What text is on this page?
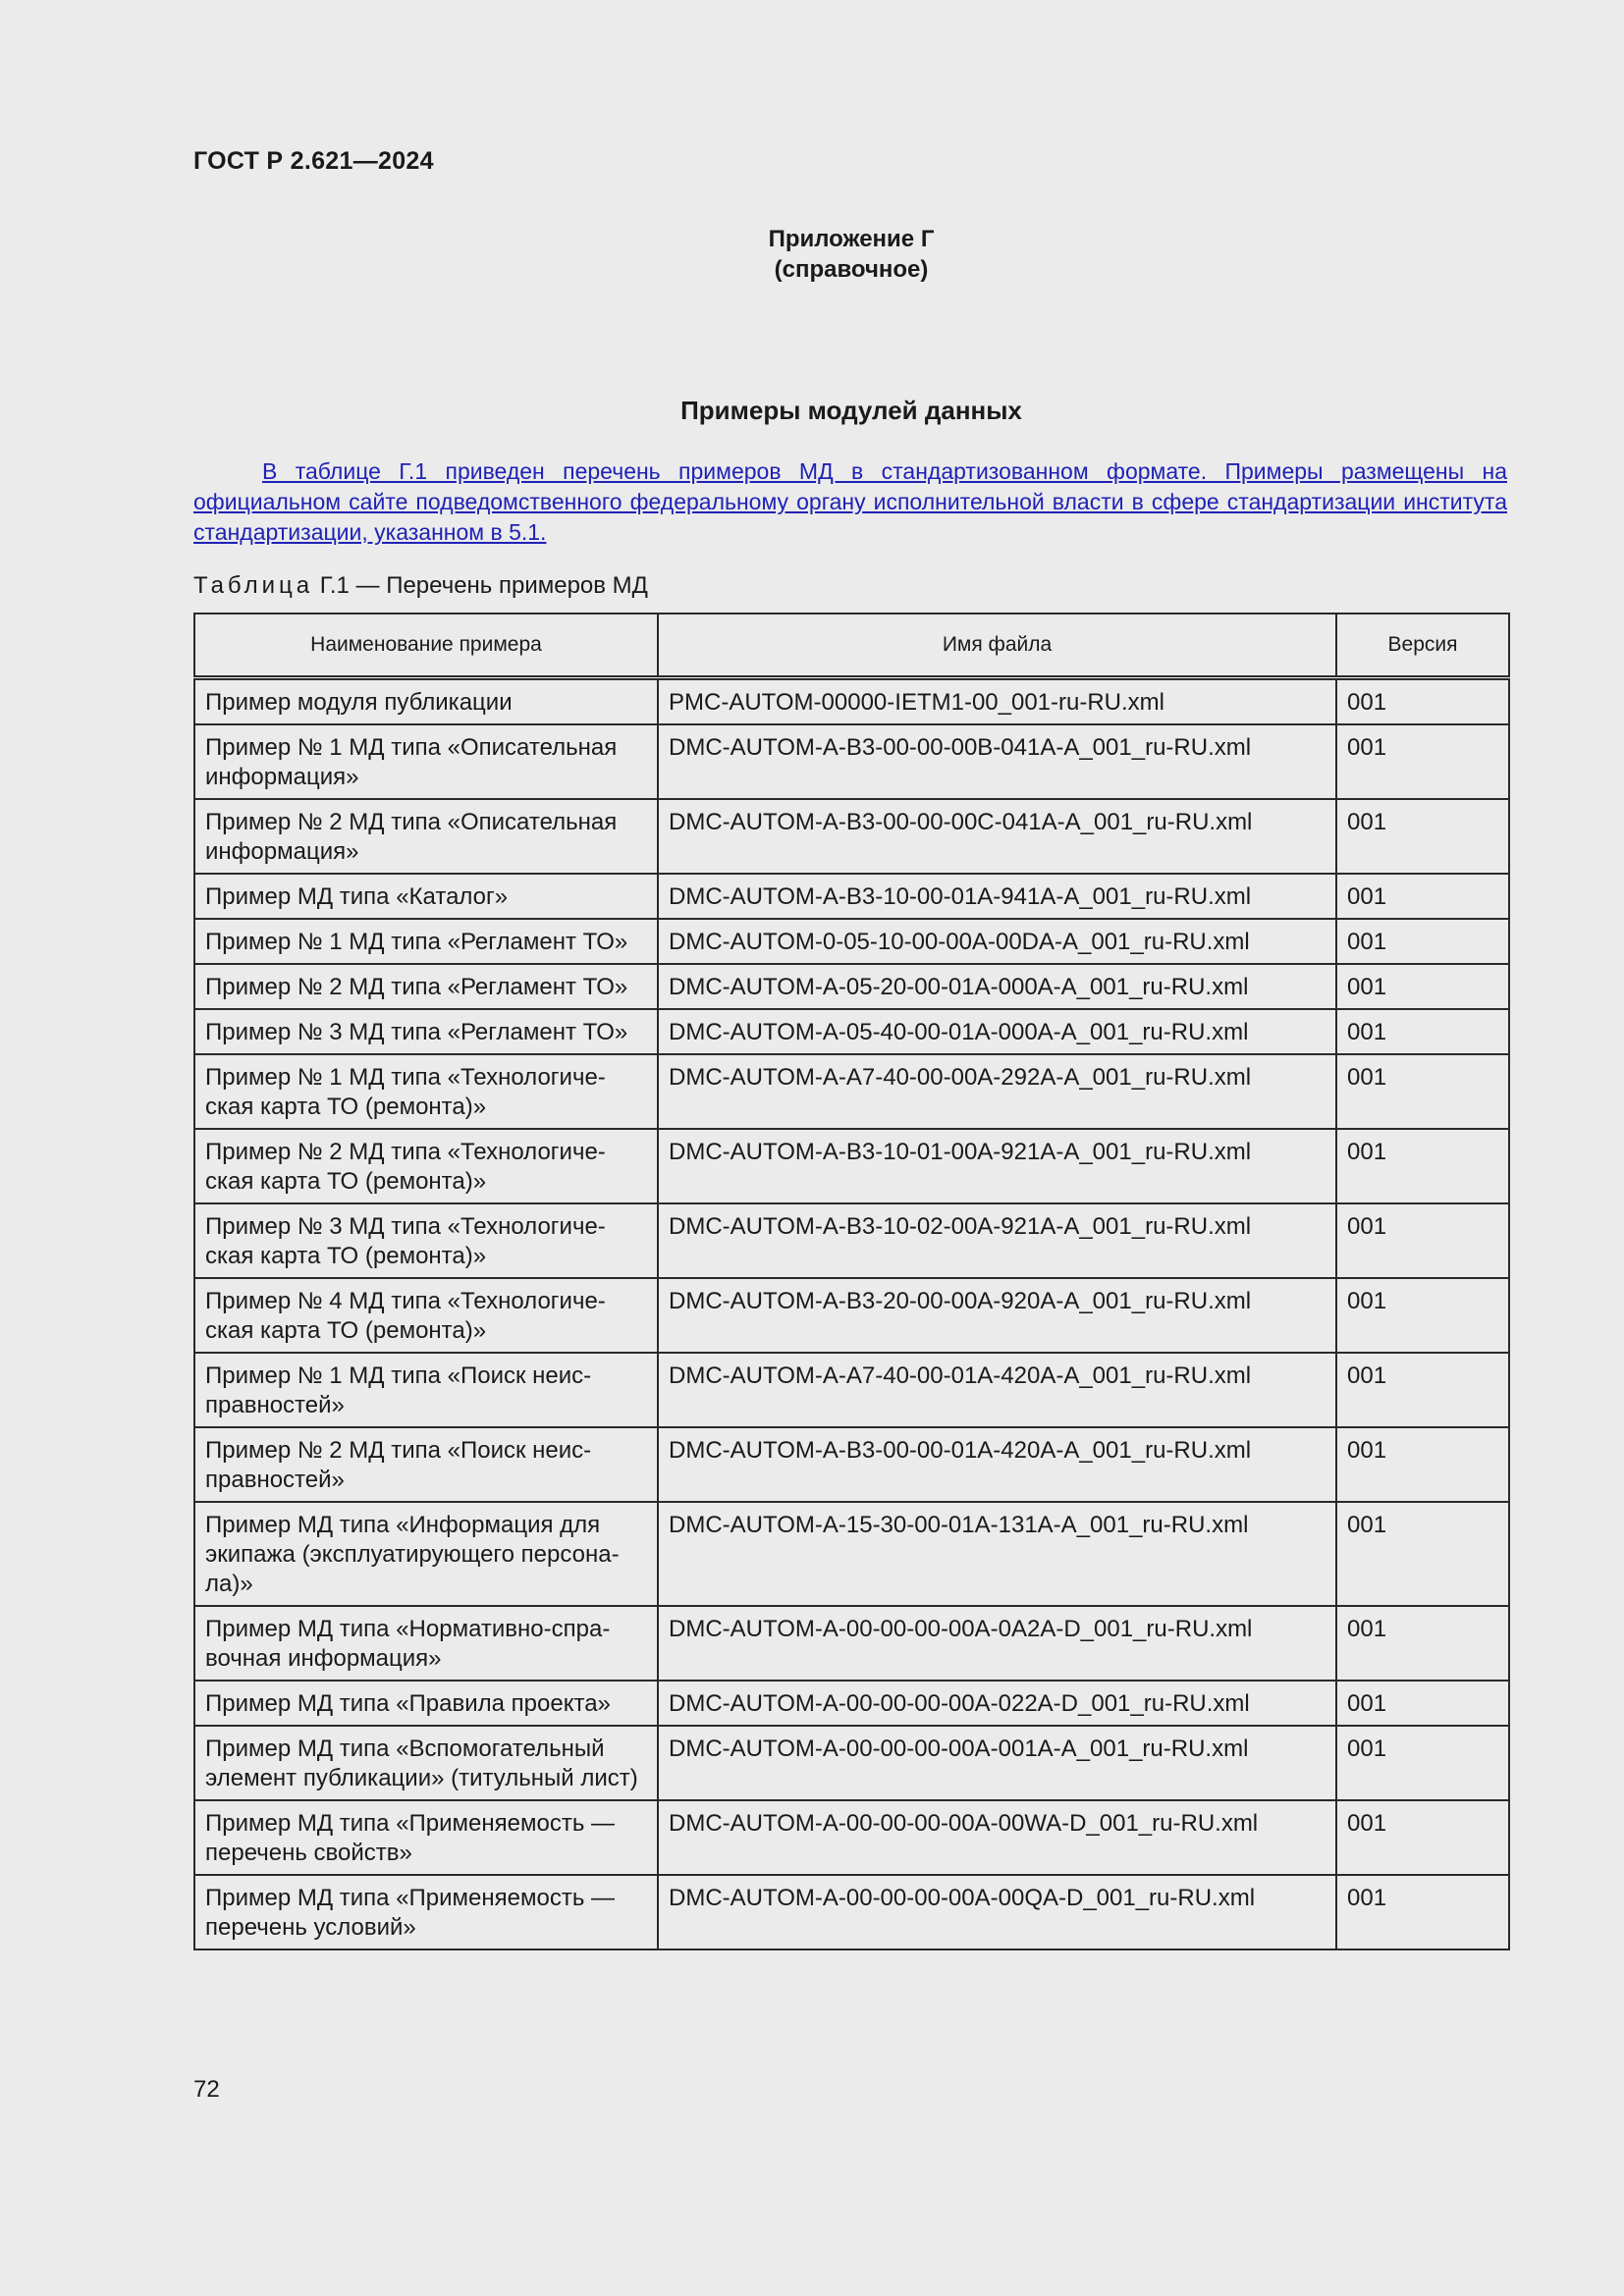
ГОСТ Р 2.621—2024
Приложение Г
(справочное)
Примеры модулей данных

В таблице Г.1 приведен перечень примеров МД в стандартизованном формате. Примеры размещены на официальном сайте подведомственного федеральному органу исполнительной власти в сфере стандартизации института стандартизации, указанном в 5.1.

Таблица Г.1 — Перечень примеров МД
Наименование примера	Имя файла	Версия
Пример модуля публикации	PMC-AUTOM-00000-IETM1-00_001-ru-RU.xml	001
Пример № 1 МД типа «Описательная информация»	DMC-AUTOM-A-B3-00-00-00B-041A-A_001_ru-RU.xml	001
Пример № 2 МД типа «Описательная информация»	DMC-AUTOM-A-B3-00-00-00C-041A-A_001_ru-RU.xml	001
Пример МД типа «Каталог»	DMC-AUTOM-A-B3-10-00-01A-941A-A_001_ru-RU.xml	001
Пример № 1 МД типа «Регламент ТО»	DMC-AUTOM-0-05-10-00-00A-00DA-A_001_ru-RU.xml	001
Пример № 2 МД типа «Регламент ТО»	DMC-AUTOM-A-05-20-00-01A-000A-A_001_ru-RU.xml	001
Пример № 3 МД типа «Регламент ТО»	DMC-AUTOM-A-05-40-00-01A-000A-A_001_ru-RU.xml	001
Пример № 1 МД типа «Технологиче-ская карта ТО (ремонта)»	DMC-AUTOM-A-A7-40-00-00A-292A-A_001_ru-RU.xml	001
Пример № 2 МД типа «Технологиче-ская карта ТО (ремонта)»	DMC-AUTOM-A-B3-10-01-00A-921A-A_001_ru-RU.xml	001
Пример № 3 МД типа «Технологиче-ская карта ТО (ремонта)»	DMC-AUTOM-A-B3-10-02-00A-921A-A_001_ru-RU.xml	001
Пример № 4 МД типа «Технологиче-ская карта ТО (ремонта)»	DMC-AUTOM-A-B3-20-00-00A-920A-A_001_ru-RU.xml	001
Пример № 1 МД типа «Поиск неис-правностей»	DMC-AUTOM-A-A7-40-00-01A-420A-A_001_ru-RU.xml	001
Пример № 2 МД типа «Поиск неис-правностей»	DMC-AUTOM-A-B3-00-00-01A-420A-A_001_ru-RU.xml	001
Пример МД типа «Информация для экипажа (эксплуатирующего персона-ла)»	DMC-AUTOM-A-15-30-00-01A-131A-A_001_ru-RU.xml	001
Пример МД типа «Нормативно-спра-вочная информация»	DMC-AUTOM-A-00-00-00-00A-0A2A-D_001_ru-RU.xml	001
Пример МД типа «Правила проекта»	DMC-AUTOM-A-00-00-00-00A-022A-D_001_ru-RU.xml	001
Пример МД типа «Вспомогательный элемент публикации» (титульный лист)	DMC-AUTOM-A-00-00-00-00A-001A-A_001_ru-RU.xml	001
Пример МД типа «Применяемость — перечень свойств»	DMC-AUTOM-A-00-00-00-00A-00WA-D_001_ru-RU.xml	001
Пример МД типа «Применяемость — перечень условий»	DMC-AUTOM-A-00-00-00-00A-00QA-D_001_ru-RU.xml	001
72
